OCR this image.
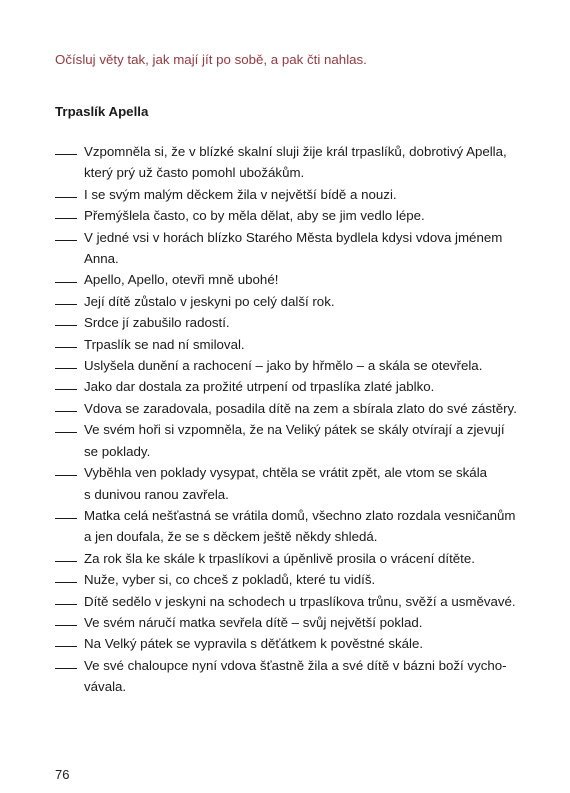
Očísluj věty tak, jak mají jít po sobě, a pak čti nahlas.
Trpaslík Apella
Vzpomněla si, že v blízké skalní sluji žije král trpaslíků, dobrotivý Apella,
který prý už často pomohl ubožákům.
I se svým malým děckem žila v největší bídě a nouzi.
Přemýšlela často, co by měla dělat, aby se jim vedlo lépe.
V jedné vsi v horách blízko Starého Města bydlela kdysi vdova jménem
Anna.
Apello, Apello, otevři mně ubohé!
Její dítě zůstalo v jeskyni po celý další rok.
Srdce jí zabušilo radostí.
Trpaslík se nad ní smiloval.
Uslyšela dunění a rachocení – jako by hřmělo – a skála se otevřela.
Jako dar dostala za prožité utrpení od trpaslíka zlaté jablko.
Vdova se zaradovala, posadila dítě na zem a sbírala zlato do své zástěry.
Ve svém hoři si vzpomněla, že na Veliký pátek se skály otvírají a zjevují
se poklady.
Vyběhla ven poklady vysypat, chtěla se vrátit zpět, ale vtom se skála
s dunivou ranou zavřela.
Matka celá nešťastná se vrátila domů, všechno zlato rozdala vesničanům
a jen doufala, že se s děckem ještě někdy shledá.
Za rok šla ke skále k trpaslíkovi a úpěnlivě prosila o vrácení dítěte.
Nuže, vyber si, co chceš z pokladů, které tu vidíš.
Dítě sedělo v jeskyni na schodech u trpaslíkova trůnu, svěží a usměvavé.
Ve svém náručí matka sevřela dítě – svůj největší poklad.
Na Velký pátek se vypravila s děťátkem k pověstné skále.
Ve své chaloupce nyní vdova šťastně žila a své dítě v bázni boží vycho-
vávala.
76
